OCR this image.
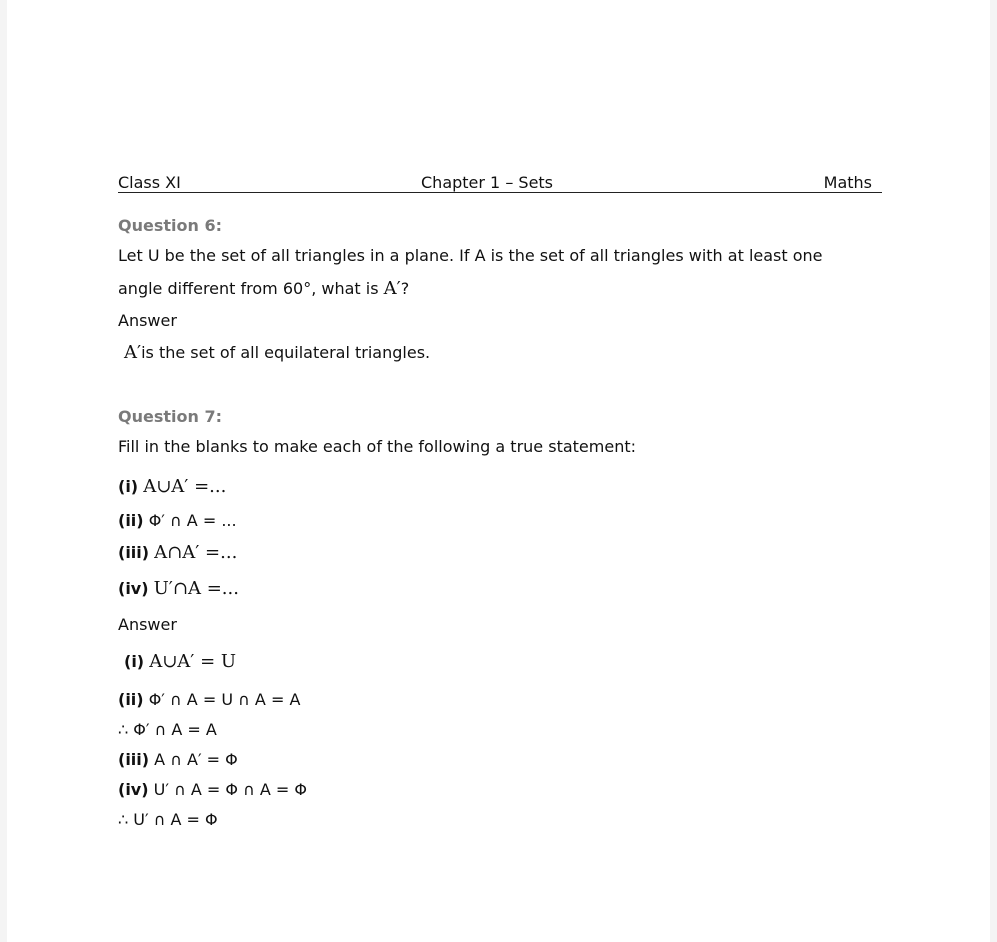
Class XI	Chapter 1 – Sets	Maths
Question 6:
Let U be the set of all triangles in a plane. If A is the set of all triangles with at least one
angle different from 60°, what is A′?
Answer
A′is the set of all equilateral triangles.
Question 7:
Fill in the blanks to make each of the following a true statement:
(i) A∪A′ =...
(ii) Φ′ ∩ A = ...
(iii) A∩A′ =...
(iv) U′∩A =...
Answer
(i) A∪A′ = U
(ii) Φ′ ∩ A = U ∩ A = A
∴ Φ′ ∩ A = A
(iii) A ∩ A′ = Φ
(iv) U′ ∩ A = Φ ∩ A = Φ
∴ U′ ∩ A = Φ
